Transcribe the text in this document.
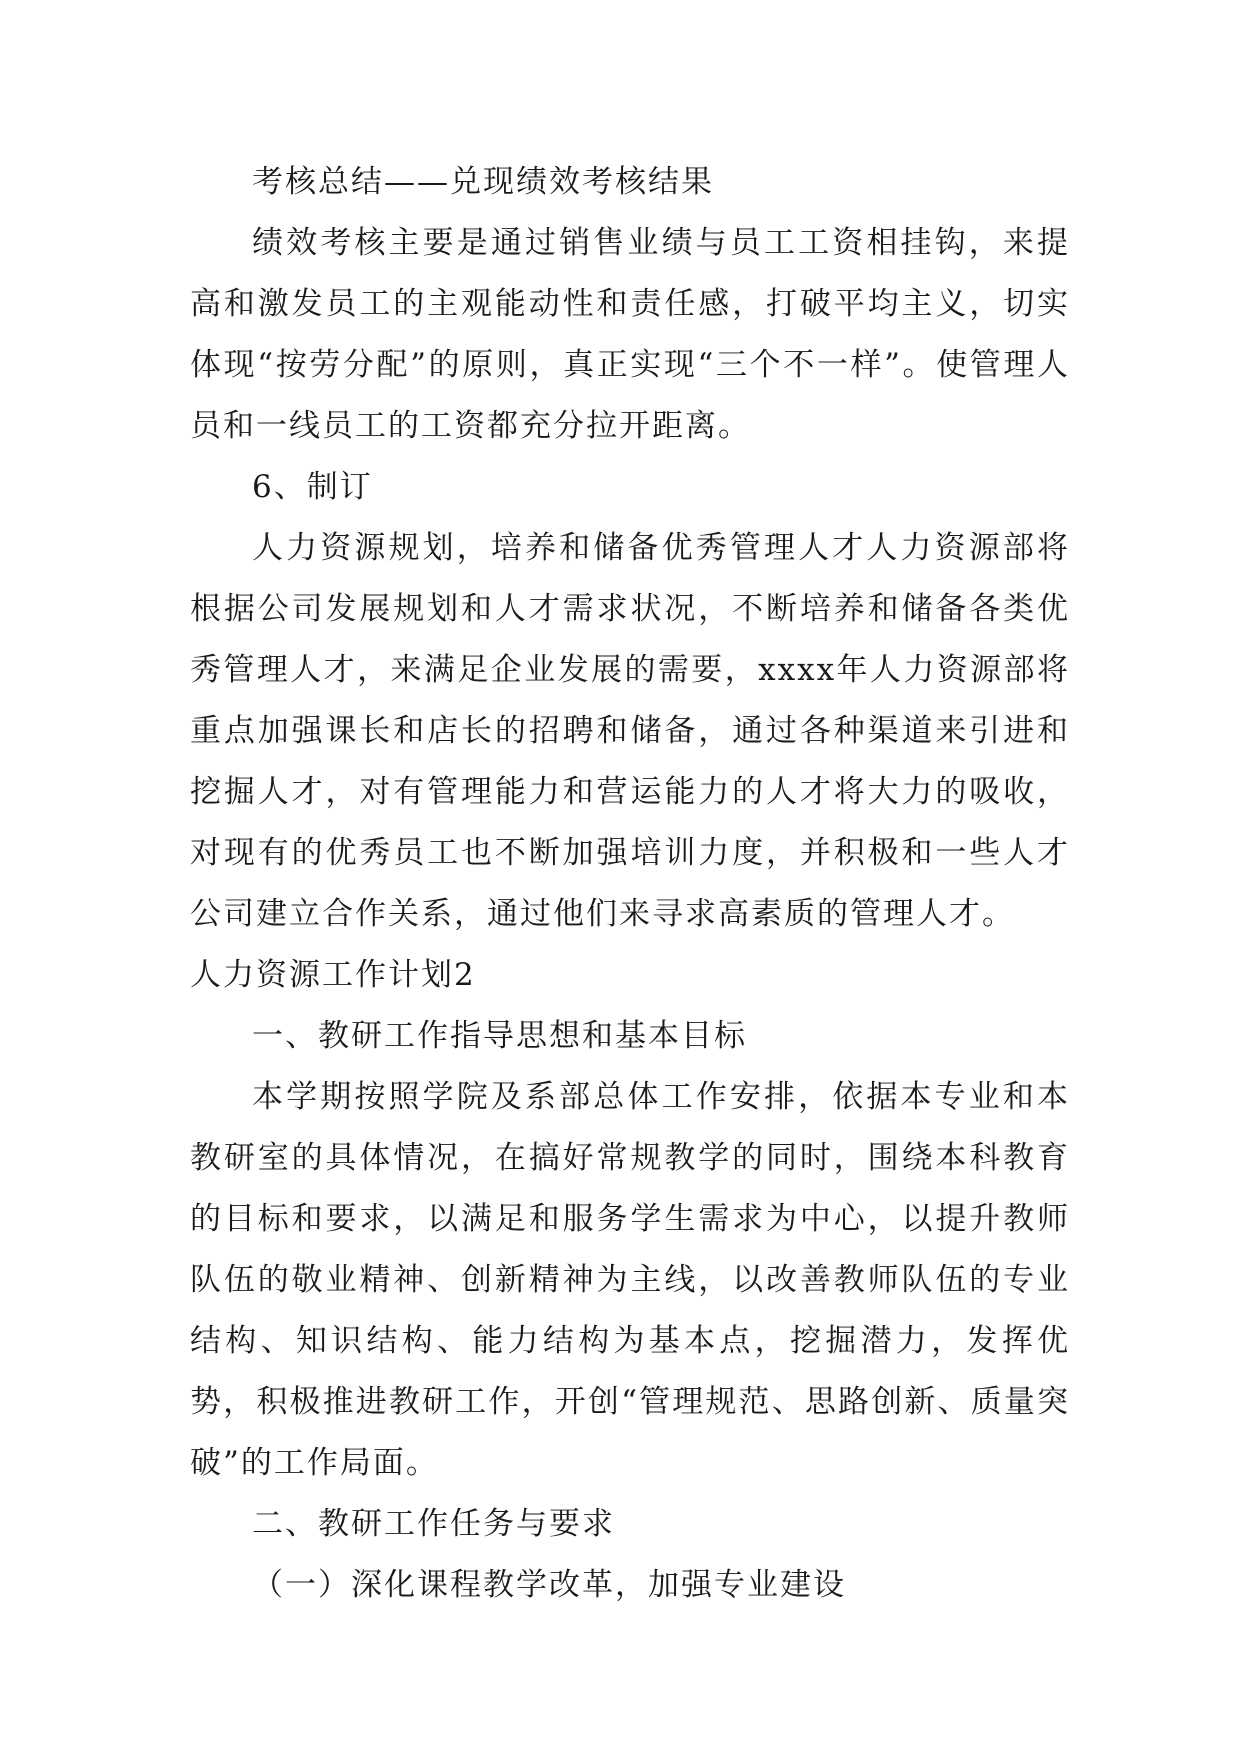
考核总结——兑现绩效考核结果

绩效考核主要是通过销售业绩与员工工资相挂钩，来提高和激发员工的主观能动性和责任感，打破平均主义，切实体现“按劳分配”的原则，真正实现“三个不一样”。使管理人员和一线员工的工资都充分拉开距离。

6、制订

人力资源规划，培养和储备优秀管理人才人力资源部将根据公司发展规划和人才需求状况，不断培养和储备各类优秀管理人才，来满足企业发展的需要，xxxx年人力资源部将重点加强课长和店长的招聘和储备，通过各种渠道来引进和挖掘人才，对有管理能力和营运能力的人才将大力的吸收，对现有的优秀员工也不断加强培训力度，并积极和一些人才公司建立合作关系，通过他们来寻求高素质的管理人才。

人力资源工作计划2

一、教研工作指导思想和基本目标

本学期按照学院及系部总体工作安排，依据本专业和本教研室的具体情况，在搞好常规教学的同时，围绕本科教育的目标和要求，以满足和服务学生需求为中心，以提升教师队伍的敬业精神、创新精神为主线，以改善教师队伍的专业结构、知识结构、能力结构为基本点，挖掘潜力，发挥优势，积极推进教研工作，开创“管理规范、思路创新、质量突破”的工作局面。

二、教研工作任务与要求

（一）深化课程教学改革，加强专业建设
